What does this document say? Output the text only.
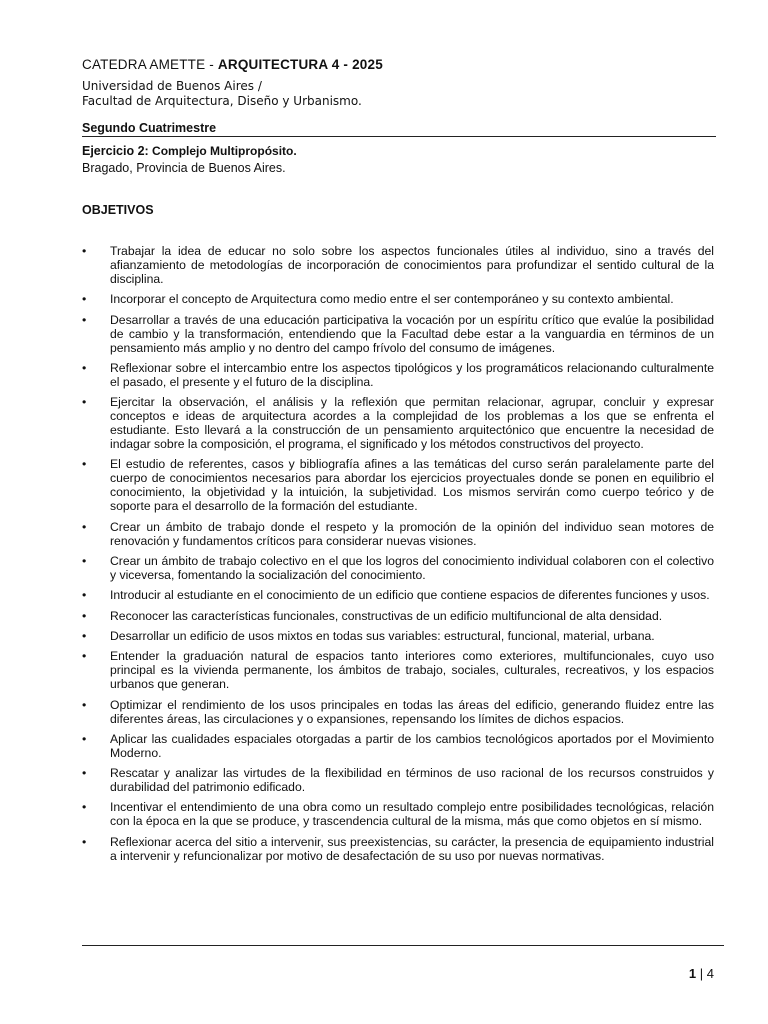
CATEDRA AMETTE - ARQUITECTURA 4 - 2025
Universidad de Buenos Aires /
Facultad de Arquitectura, Diseño y Urbanismo.
Segundo Cuatrimestre
Ejercicio 2: Complejo Multipropósito.
Bragado, Provincia de Buenos Aires.
OBJETIVOS
•	Trabajar la idea de educar no solo sobre los aspectos funcionales útiles al individuo, sino a través del afianzamiento de metodologías de incorporación de conocimientos para profundizar el sentido cultural de la disciplina.
•	Incorporar el concepto de Arquitectura como medio entre el ser contemporáneo y su contexto ambiental.
•	Desarrollar a través de una educación participativa la vocación por un espíritu crítico que evalúe la posibilidad de cambio y la transformación, entendiendo que la Facultad debe estar a la vanguardia en términos de un pensamiento más amplio y no dentro del campo frívolo del consumo de imágenes.
•	Reflexionar sobre el intercambio entre los aspectos tipológicos y los programáticos relacionando culturalmente el pasado, el presente y el futuro de la disciplina.
•	Ejercitar la observación, el análisis y la reflexión que permitan relacionar, agrupar, concluir y expresar conceptos e ideas de arquitectura acordes a la complejidad de los problemas a los que se enfrenta el estudiante. Esto llevará a la construcción de un pensamiento arquitectónico que encuentre la necesidad de indagar sobre la composición, el programa, el significado y los métodos constructivos del proyecto.
•	El estudio de referentes, casos y bibliografía afines a las temáticas del curso serán paralelamente parte del cuerpo de conocimientos necesarios para abordar los ejercicios proyectuales donde se ponen en equilibrio el conocimiento, la objetividad y la intuición, la subjetividad. Los mismos servirán como cuerpo teórico y de soporte para el desarrollo de la formación del estudiante.
•	Crear un ámbito de trabajo donde el respeto y la promoción de la opinión del individuo sean motores de renovación y fundamentos críticos para considerar nuevas visiones.
•	Crear un ámbito de trabajo colectivo en el que los logros del conocimiento individual colaboren con el colectivo y viceversa, fomentando la socialización del conocimiento.
•	Introducir al estudiante en el conocimiento de un edificio que contiene espacios de diferentes funciones y usos.
•	Reconocer las características funcionales, constructivas de un edificio multifuncional de alta densidad.
•	Desarrollar un edificio de usos mixtos en todas sus variables: estructural, funcional, material, urbana.
•	Entender la graduación natural de espacios tanto interiores como exteriores, multifuncionales, cuyo uso principal es la vivienda permanente, los ámbitos de trabajo, sociales, culturales, recreativos, y los espacios urbanos que generan.
•	Optimizar el rendimiento de los usos principales en todas las áreas del edificio, generando fluidez entre las diferentes áreas, las circulaciones y o expansiones, repensando los límites de dichos espacios.
•	Aplicar las cualidades espaciales otorgadas a partir de los cambios tecnológicos aportados por el Movimiento Moderno.
•	Rescatar y analizar las virtudes de la flexibilidad en términos de uso racional de los recursos construidos y durabilidad del patrimonio edificado.
•	Incentivar el entendimiento de una obra como un resultado complejo entre posibilidades tecnológicas, relación con la época en la que se produce, y trascendencia cultural de la misma, más que como objetos en sí mismo.
•	Reflexionar acerca del sitio a intervenir, sus preexistencias, su carácter, la presencia de equipamiento industrial a intervenir y refuncionalizar por motivo de desafectación de su uso por nuevas normativas.
1 | 4
